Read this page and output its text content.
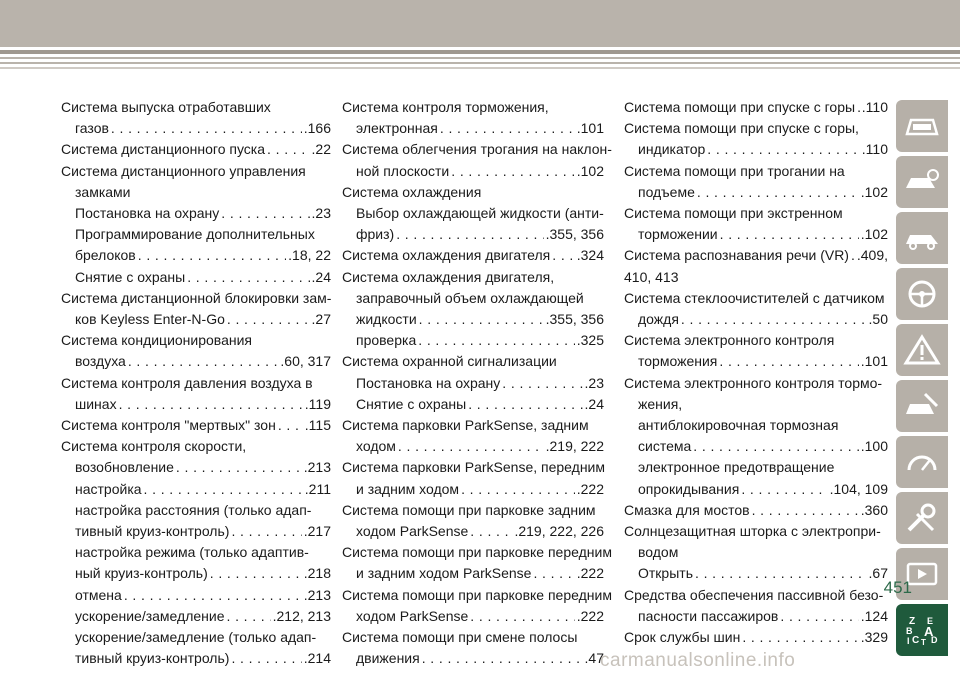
Система выпуска отработавших
газов . . .	.166
Система дистанционного пуска . . .	.22
Система дистанционного управления
замками
Постановка на охрану . . .	.23
Программирование дополнительных
брелоков . . .	.18, 22
Снятие с охраны . . .	.24
Система дистанционной блокировки зам-
ков Keyless Enter-N-Go . . .	.27
Система кондиционирования
воздуха . . .	.60, 317
Система контроля давления воздуха в
шинах . . .	.119
Система контроля "мертвых" зон . . . .115
Система контроля скорости,
возобновление . . .	.213
настройка . . .	.211
настройка расстояния (только адап-
тивный круиз-контроль) . . .	.217
настройка режима (только адаптив-
ный круиз-контроль) . . .	.218
отмена . . .	.213
ускорение/замедление . . .	.212, 213
ускорение/замедление (только адап-
тивный круиз-контроль) . . .	.214
Система контроля торможения,
электронная . . .	.101
Система облегчения трогания на наклон-
ной плоскости . . .	.102
Система охлаждения
Выбор охлаждающей жидкости (анти-
фриз) . . .	.355, 356
Система охлаждения двигателя . . . .324
Система охлаждения двигателя,
заправочный объем охлаждающей
жидкости . . .	.355, 356
проверка . . .	.325
Система охранной сигнализации
Постановка на охрану . . .	.23
Снятие с охраны . . .	.24
Система парковки ParkSense, задним
ходом . . .	.219, 222
Система парковки ParkSense, передним
и задним ходом . . .	.222
Система помощи при парковке задним
ходом ParkSense . . .	.219, 222, 226
Система помощи при парковке передним
и задним ходом ParkSense . . .	.222
Система помощи при парковке передним
ходом ParkSense . . .	.222
Система помощи при смене полосы
движения . . .	.47
Система помощи при спуске с горы . . . .110
Система помощи при спуске с горы,
индикатор . . .	.110
Система помощи при трогании на
подъеме . . .	.102
Система помощи при экстренном
торможении . . .	.102
Система распознавания речи (VR) . . . .409,
410, 413
Система стеклоочистителей с датчиком
дождя . . .	.50
Система электронного контроля
торможения . . .	.101
Система электронного контроля тормо-
жения,
антиблокировочная тормозная
система . . .	.100
электронное предотвращение
опрокидывания . . .	.104, 109
Смазка для мостов . . .	.360
Солнцезащитная шторка с электропри-
водом
Открыть . . .	.67
Средства обеспечения пассивной безо-
пасности пассажиров . . .	.124
Срок службы шин . . .	.329
Z E
B A
C D
I T
451
carmanualsonline.info
